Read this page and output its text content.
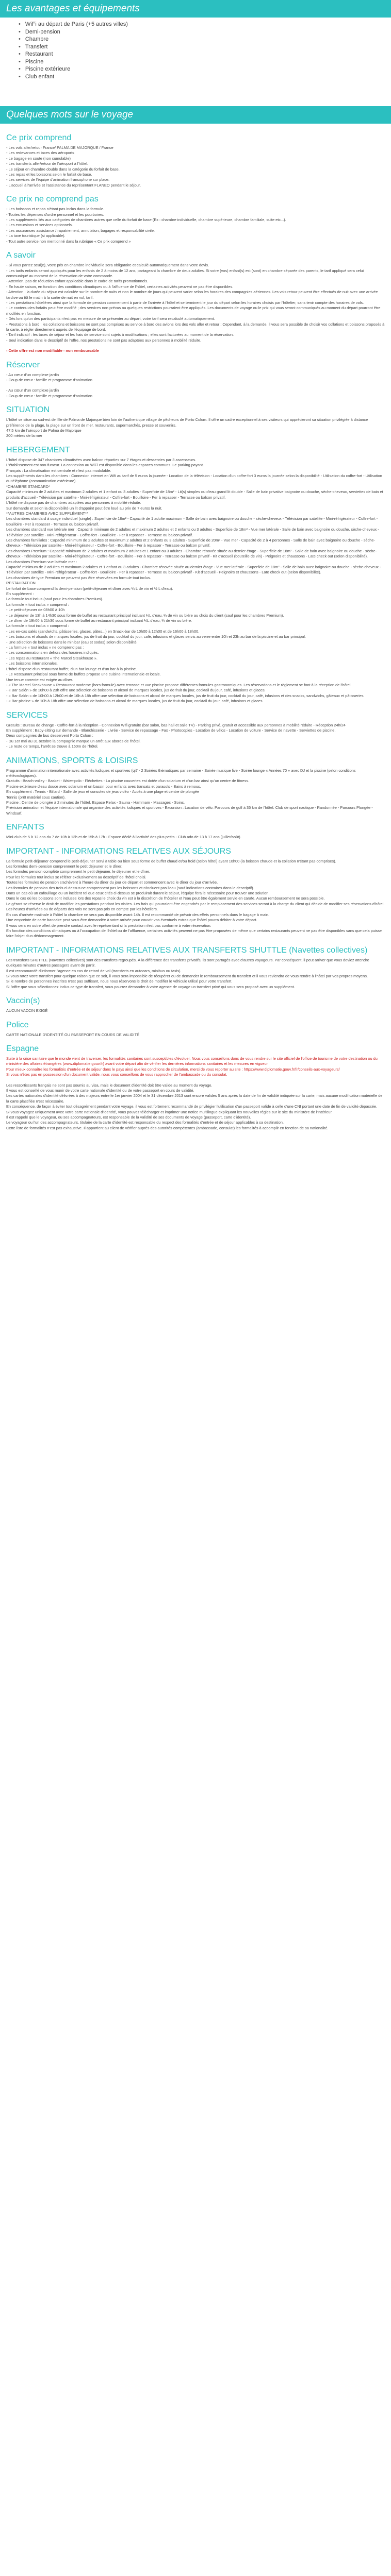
Les avantages et équipements
• WiFi au départ de Paris (+5 autres villes)
• Demi-pension
• Chambre
• Transfert
• Restaurant
• Piscine
• Piscine extérieure
• Club enfant
Quelques mots sur le voyage
Ce prix comprend

- Les vols aller/retour France/ PALMA DE MAJORQUE / France

- Les redevances et taxes des aéroports

- Le bagage en soute (non cumulable)

- Les transferts aller/retour de l'aéroport à l'hôtel.

- Le séjour en chambre double dans la catégorie du forfait de base.

- Les repas et les boissons selon le forfait de base.

- Les services de l'équipe d'animation francophone sur place.

- L'accueil à l'arrivée et l'assistance du représentant FLANEO pendant le séjour.

Ce prix ne comprend pas

- Les boissons et repas n'étant pas inclus dans la formule.

- Toutes les dépenses d'ordre personnel et les pourboires.

- Les suppléments liés aux catégories de chambres autres que celle du forfait de base (Ex : chambre individuelle, chambre supérieure, chambre familiale, suite etc...).

- Les excursions et services optionnels.

- Les assurances assistance / rapatriement, annulation, bagages et responsabilité civile.

- La taxe touristique (si applicable).

- Tout autre service non mentionné dans la rubrique « Ce prix comprend »

A savoir

- Si vous partez seul(e), votre prix en chambre individuelle sera obligatoire et calculé automatiquement dans votre devis.

- Les tarifs enfants seront appliqués pour les enfants de 2 à moins de 12 ans, partageant la chambre de deux adultes. Si votre (vos) enfant(s) est (sont) en chambre séparée des parents, le tarif appliqué sera celui communiqué au moment de la réservation de votre commande.

- Attention, pas de réduction enfant applicable dans le cadre de tarifs promotionnels.

- En haute saison, en fonction des conditions climatiques ou à l'affluence de l'hôtel, certaines activités peuvent ne pas être disponibles.

- Attention : la durée du séjour est calculée sur le nombre de nuits et non le nombre de jours qui peuvent varier selon les horaires des compagnies aériennes. Les vols retour peuvent être effectués de nuit avec une arrivée tardive ou tôt le matin à la sortie de nuit en vol, tarif.

- Les prestations hôtelières ainsi que la formule de pension commencent à partir de l'arrivée à l'hôtel et se terminent le jour du départ selon les horaires choisis par l'hôtelier, sans tenir compte des horaires de vols.

- Le contenu des forfaits peut être modifié ; des services non prévus ou quelques restrictions pourraient être appliqués. Les documents de voyage ou le prix qui vous seront communiqués au moment du départ pourront être modifiés en fonction.

- Dès lors qu'un des participants n'est pas en mesure de se présenter au départ, votre tarif sera recalculé automatiquement.

- Prestations à bord : les collations et boissons ne sont pas comprises au service à bord des avions lors des vols aller et retour ; Cependant, à la demande, il vous sera possible de choisir vos collations et boissons proposés à la carte, à régler directement auprès de l'équipage de bord.

- Tarif indicatif : les taxes de séjour et les frais de service sont sujets à modifications ; elles sont facturées au moment de la réservation.

- Seul indication dans le descriptif de l'offre, nos prestations ne sont pas adaptées aux personnes à mobilité réduite.

- Cette offre est non modifiable - non remboursable

Réserver

- Au cœur d'un complexe jardin

- Coup de cœur : famille et programme d'animation

- Au cœur d'un complexe jardin

- Coup de cœur : famille et programme d'animation

SITUATION

L'hôtel se situe au sud-est de l'île de Palma de Majorque bien loin de l'authentique village de pêcheurs de Porto Colom. Il offre un cadre exceptionnel à ses visiteurs qui apprécieront sa situation privilégiée à distance préférence de la plage, la plage sur un front de mer, restaurants, supermarchés, presse et souvenirs.

47,5 km de l'aéroport de Palma de Majorque

200 mètres de la mer

HEBERGEMENT

L'hôtel dispose de 347 chambres climatisées avec balcon réparties sur 7 étages et desservies par 3 ascenseurs.

L'établissement est non-fumeur. La connexion au WiFi est disponible dans les espaces communs. Le parking payant.

Français : La climatisation est centrale et n'est pas modulable.

Les suppléments dans les chambres : Connexion internet en Wifi au tarif de 5 euros la journée - Location de la télévision - Location d'un coffre-fort 3 euros la journée selon la disponibilité - Utilisation du coffre-fort - Utilisation du téléphone (communication extérieure).

*CHAMBRE STANDARD*

Capacité minimum de 2 adultes et maximum 2 adultes et 1 enfant ou 3 adultes - Superficie de 18m² - Lit(s) simples ou d'eau grand lit double - Salle de bain privative baignoire ou douche, sèche-cheveux, serviettes de bain et produits d'accueil - Télévision par satellite - Mini-réfrigérateur - Coffre-fort - Bouilloire - Fer à repasser - Terrasse ou balcon privatif.

L'hôtel ne dispose pas de chambres adaptées aux personnes à mobilité réduite.

Sur demande et selon la disponibilité un lit d'appoint peut être loué au prix de 7 euros la nuit.

**AUTRES CHAMBRES AVEC SUPPLÉMENT**

Les chambres standard à usage individuel (single) : Superficie de 18m² - Capacité de 1 adulte maximum - Salle de bain avec baignoire ou douche - sèche-cheveux - Télévision par satellite - Mini-réfrigérateur - Coffre-fort - Bouilloire - Fer à repasser - Terrasse ou balcon privatif.

Les chambres standard vue latérale mer : Capacité minimum de 2 adultes et maximum 2 adultes et 2 enfants ou 3 adultes - Superficie de 18m² - Vue mer latérale - Salle de bain avec baignoire ou douche, sèche-cheveux - Télévision par satellite - Mini-réfrigérateur - Coffre-fort - Bouilloire - Fer à repasser - Terrasse ou balcon privatif.

Les chambres familiales : Capacité minimum de 2 adultes et maximum 2 adultes et 2 enfants ou 3 adultes - Superficie de 20m² - Vue mer - Capacité de 2 à 4 personnes - Salle de bain avec baignoire ou douche - sèche-cheveux - Télévision par satellite - Mini-réfrigérateur - Coffre-fort - Bouilloire - Fer à repasser - Terrasse ou balcon privatif.

Les chambres Premium : Capacité minimum de 2 adultes et maximum 2 adultes et 1 enfant ou 3 adultes - Chambre rénovée située au dernier étage - Superficie de 18m² - Salle de bain avec baignoire ou douche - sèche-cheveux - Télévision par satellite - Mini-réfrigérateur - Coffre-fort - Bouilloire - Fer à repasser - Terrasse ou balcon privatif - Kit d'accueil (bouteille de vin) - Peignoirs et chaussons - Late check out (selon disponibilité).

Les chambres Premium vue latérale mer :

Capacité minimum de 2 adultes et maximum 2 adultes et 1 enfant ou 3 adultes - Chambre rénovée située au dernier étage - Vue mer latérale - Superficie de 18m² - Salle de bain avec baignoire ou douche - sèche-cheveux - Télévision par satellite - Mini-réfrigérateur - Coffre-fort - Bouilloire - Fer à repasser - Terrasse ou balcon privatif - Kit d'accueil - Peignoirs et chaussons - Late check out (selon disponibilité).

Les chambres de type Premium ne peuvent pas être réservées en formule tout inclus.

RESTAURATION

Le forfait de base comprend la demi-pension (petit-déjeuner et dîner avec ¼ L de vin et ½ L d'eau).

En supplément :

La formule tout inclus (sauf pour les chambres Premium).

La formule « tout inclus » comprend :

- Le petit-déjeuner de 08h00 à 10h

- Le déjeuner de 13h à 14h30 sous forme de buffet au restaurant principal incluant ¼L d'eau, ¼ de vin ou bière au choix du client (sauf pour les chambres Premium).

- Le dîner de 19h00 à 21h30 sous forme de buffet au restaurant principal incluant ¼L d'eau, ¼ de vin ou bière.

La formule « tout inclus » comprend :

- Les en-cas salés (sandwichs, pâtisseries, glaces, pâtes...) en Snack-bar de 10h00 à 12h00 et de 16h00 à 18h00.

- Les boissons et alcools de marques locales, jus de fruit du jour, cocktail du jour, café, infusions et glaces servis au verre entre 10h et 23h au bar de la piscine et au bar principal.

- Une sélection de boissons dans le minibar (eau et sodas) selon disponibilité.

- La formule « tout inclus » ne comprend pas :

- Les consommations en dehors des horaires indiqués.

- Les repas au restaurant « The Marcel Steakhouse ».

- Les boissons internationales.

L'hôtel dispose d'un restaurant buffet, d'un bar lounge et d'un bar à la piscine.

- Le Restaurant principal sous forme de buffets propose une cuisine internationale et locale.

Une tenue correcte est exigée au dîner.

- « The Marcel Steakhouse » Restaurant moderne (hors formule) avec terrasse et vue piscine propose différentes formules gastronomiques. Les réservations et le règlement se font à la réception de l'hôtel.

- « Bar Salón » de 10h00 à 23h offre une sélection de boissons et alcool de marques locales, jus de fruit du jour, cocktail du jour, café, infusions et glaces.

- « Bar Salón » de 10h00 à 12h00 et de 16h à 18h offre une sélection de boissons et alcool de marques locales, jus de fruit du jour, cocktail du jour, café, infusions et des snacks, sandwichs, gâteaux et pâtisseries.

- « Bar piscine » de 10h à 18h offre une sélection de boissons et alcool de marques locales, jus de fruit du jour, cocktail du jour, café, infusions et glaces.

SERVICES

Gratuits : Bureau de change - Coffre-fort à la réception - Connexion Wifi gratuite (bar salon, bas hall et salle TV) - Parking privé, gratuit et accessible aux personnes à mobilité réduite - Réception 24h/24

En supplément : Baby-sitting sur demande - Blanchisserie - Livrée - Service de repassage - Fax - Photocopies - Location de vélos - Location de voiture - Service de navette - Serviettes de piscine.

Deux compagnies de bus desservent Porto Colom :

- Du 1er mai au 31 octobre la compagnie marque un arrêt aux abords de l'hôtel.

- Le reste de temps, l'arrêt se trouve à 150m de l'hôtel.

ANIMATIONS, SPORTS & LOISIRS

Programme d'animation internationale avec activités ludiques et sportives (qi7 - 2 Soirées thématiques par semaine - Soirée musique live - Soirée lounge « Années 70 » avec DJ et la piscine (selon conditions météorologiques).

Gratuits : Beach-volley - Basket - Water-polo - Fléchettes - La piscine couvertes est dotée d'un solarium et d'un bar ainsi qu'un centre de fitness.

Piscine extérieure d'eau douce avec solarium et un bassin pour enfants avec transats et parasols - Bains à remous.

En supplément : Tennis - Billard - Salle de jeux et consoles de jeux vidéo - Accès à une plage et centre de plongée

Tennis (prêt matériel sous caution).

Piscine : Centre de plongée à 2 minutes de l'hôtel. Espace Relax - Sauna - Hammam - Massages - Soins.

Prévision animation et l'équipe internationale qui organise des activités ludiques et sportives - Excursion : Location de vélo. Parcours de golf à 35 km de l'hôtel. Club de sport nautique - Randonnée - Parcours Plongée - Windsurf.

ENFANTS

Mini-club de 5 à 12 ans du 7 de 10h à 13h et de 15h à 17h - Espace dédié à l'activité des plus petits - Club ado de 13 à 17 ans (juillet/août).

IMPORTANT - INFORMATIONS RELATIVES AUX SÉJOURS

La formule petit-déjeuner comprend le petit-déjeuner servi à table ou bien sous forme de buffet chaud et/ou froid (selon hôtel) avant 10h00 (la boisson chaude et la collation n'étant pas comprises).

Les formules demi-pension comprennent le petit déjeuner et le dîner.

Les formules pension complète comprennent le petit déjeuner, le déjeuner et le dîner.

Pour les formules tout inclus se référer exclusivement au descriptif de l'hôtel choisi.

Toutes les formules de pension s'achèvent à l'heure du dîner du jour de départ et commencent avec le dîner du jour d'arrivée.

Les formules de pension des trois ci-dessus ne comprennent pas les boissons et n'incluent pas l'eau (sauf indications contraires dans le descriptif).

Dans un cas où un cafouillage ou un incident tel que ceux cités ci-dessus se produirait durant le séjour, l'équipe fera le nécessaire pour trouver une solution.

Dans le cas où les boissons sont incluses lors des repas le choix du vin est à la discrétion de l'hôtelier et l'eau peut être également servie en carafe. Aucun remboursement ne sera possible.

Le gérant se réserve le droit de modifier les prestations pendant les visites. Les frais qui pourraient être engendrés par le remplacement des services seront à la charge du client qui décide de modifier ses réservations d'hôtel.

Les heures d'arrivées ou de départs des vols ne sont pas pris en compte par les hôteliers.

En cas d'arrivée matinale à l'hôtel la chambre ne sera pas disponible avant 14h. Il est recommandé de prévoir des effets personnels dans le bagage à main.

Une empreinte de carte bancaire peut vous être demandée à votre arrivée pour couvrir vos éventuels extras que l'hôtel pourra débiter à votre départ.

Il vous sera en outre offert de prendre contact avec le représentant si la prestation n'est pas conforme à votre réservation.

En fonction des conditions climatiques ou à l'occupation de l'hôtel ou de l'affluence, certaines activités peuvent ne pas être proposées de même que certains restaurants peuvent ne pas être disponibles sans que cela puisse faire l'objet d'un dédommagement.

IMPORTANT - INFORMATIONS RELATIVES AUX TRANSFERTS SHUTTLE (Navettes collectives)

Les transferts SHUTTLE (Navettes collectives) sont des transferts regroupés. À la différence des transferts privatifs, ils sont partagés avec d'autres voyageurs. Par conséquent, il peut arriver que vous deviez attendre quelques minutes d'autres passagers avant de partir.

Il est recommandé d'informer l'agence en cas de retard de vol (transferts en autocars, minibus ou taxis).

Si vous ratez votre transfert pour quelque raison que ce soit, il vous sera impossible de récupérer ou de demander le remboursement du transfert et il vous reviendra de vous rendre à l'hôtel par vos propres moyens.

Si le nombre de personnes inscrites n'est pas suffisant, nous nous réservons le droit de modifier le véhicule utilisé pour votre transfert.

Si l'offre que vous sélectionnez inclus ce type de transfert, vous pourrez demander à votre agence de voyage un transfert privé qui vous sera proposé avec un supplément.

Vaccin(s)

AUCUN VACCIN EXIGÉ

Police

CARTE NATIONALE D'IDENTITÉ OU PASSEPORT EN COURS DE VALIDITÉ

Espagne

Suite à la crise sanitaire que le monde vient de traverser, les formalités sanitaires sont susceptibles d'évoluer. Nous vous conseillons donc de vous rendre sur le site officiel de l'office de tourisme de votre destination ou du ministère des affaires étrangères (www.diplomatie.gouv.fr) avant votre départ afin de vérifier les dernières informations sanitaires et les mesures en vigueur.

Pour mieux connaître les formalités d'entrée et de séjour dans le pays ainsi que les conditions de circulation, merci de vous reporter au site : https://www.diplomatie.gouv.fr/fr/conseils-aux-voyageurs/

Si vous n'êtes pas en possession d'un document valide, nous vous conseillons de vous rapprocher de l'ambassade ou du consulat.

Les ressortissants français ne sont pas soumis au visa, mais le document d'identité doit être valide au moment du voyage.

Il vous est conseillé de vous munir de votre carte nationale d'identité ou de votre passeport en cours de validité.

Les cartes nationales d'identité délivrées à des majeurs entre le 1er janvier 2004 et le 31 décembre 2013 sont encore valides 5 ans après la date de fin de validité indiquée sur la carte, mais aucune modification matérielle de la carte plastifiée n'est nécessaire.

En conséquence, de façon à éviter tout désagrément pendant votre voyage, il vous est fortement recommandé de privilégier l'utilisation d'un passeport valide à celle d'une CNI portant une date de fin de validité dépassée.

Si vous voyagez uniquement avec votre carte nationale d'identité, vous pouvez télécharger et imprimer une notice multilingue expliquant les nouvelles règles sur le site du ministère de l'Intérieur.

Il est rappelé que le voyageur, ou ses accompagnateurs, est responsable de la validité de ses documents de voyage (passeport, carte d'identité).

Le voyageur ou l'un des accompagnateurs, titulaire de la carte d'identité est responsable du respect des formalités d'entrée et de séjour applicables à sa destination.

Cette liste de formalités n'est pas exhaustive. Il appartient au client de vérifier auprès des autorités compétentes (ambassade, consulat) les formalités à accomplir en fonction de sa nationalité.
